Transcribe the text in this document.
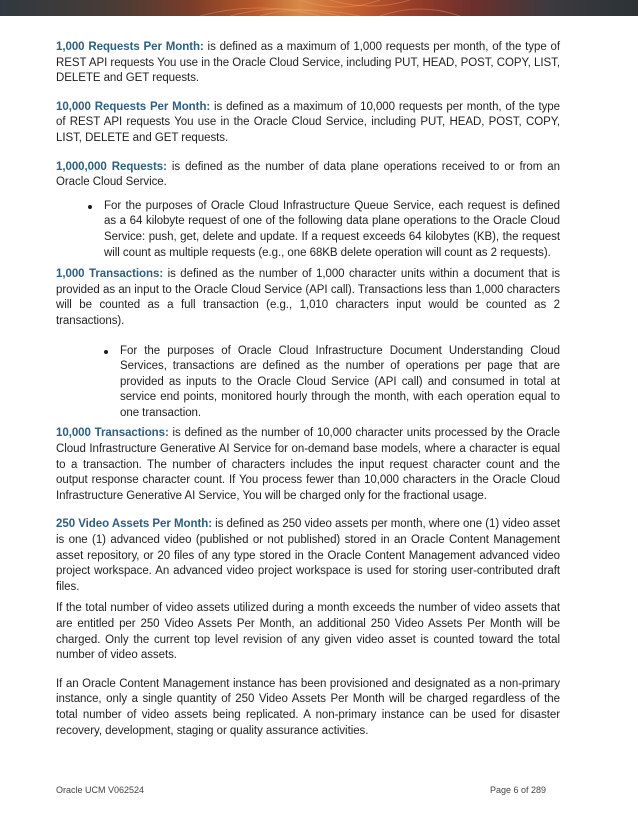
1,000 Requests Per Month: is defined as a maximum of 1,000 requests per month, of the type of REST API requests You use in the Oracle Cloud Service, including PUT, HEAD, POST, COPY, LIST, DELETE and GET requests.

10,000 Requests Per Month: is defined as a maximum of 10,000 requests per month, of the type of REST API requests You use in the Oracle Cloud Service, including PUT, HEAD, POST, COPY, LIST, DELETE and GET requests.

1,000,000 Requests: is defined as the number of data plane operations received to or from an Oracle Cloud Service.

For the purposes of Oracle Cloud Infrastructure Queue Service, each request is defined as a 64 kilobyte request of one of the following data plane operations to the Oracle Cloud Service: push, get, delete and update. If a request exceeds 64 kilobytes (KB), the request will count as multiple requests (e.g., one 68KB delete operation will count as 2 requests).

1,000 Transactions: is defined as the number of 1,000 character units within a document that is provided as an input to the Oracle Cloud Service (API call). Transactions less than 1,000 characters will be counted as a full transaction (e.g., 1,010 characters input would be counted as 2 transactions).

For the purposes of Oracle Cloud Infrastructure Document Understanding Cloud Services, transactions are defined as the number of operations per page that are provided as inputs to the Oracle Cloud Service (API call) and consumed in total at service end points, monitored hourly through the month, with each operation equal to one transaction.

10,000 Transactions: is defined as the number of 10,000 character units processed by the Oracle Cloud Infrastructure Generative AI Service for on-demand base models, where a character is equal to a transaction. The number of characters includes the input request character count and the output response character count. If You process fewer than 10,000 characters in the Oracle Cloud Infrastructure Generative AI Service, You will be charged only for the fractional usage.

250 Video Assets Per Month: is defined as 250 video assets per month, where one (1) video asset is one (1) advanced video (published or not published) stored in an Oracle Content Management asset repository, or 20 files of any type stored in the Oracle Content Management advanced video project workspace. An advanced video project workspace is used for storing user-contributed draft files.

If the total number of video assets utilized during a month exceeds the number of video assets that are entitled per 250 Video Assets Per Month, an additional 250 Video Assets Per Month will be charged. Only the current top level revision of any given video asset is counted toward the total number of video assets.

If an Oracle Content Management instance has been provisioned and designated as a non-primary instance, only a single quantity of 250 Video Assets Per Month will be charged regardless of the total number of video assets being replicated. A non-primary instance can be used for disaster recovery, development, staging or quality assurance activities.

Oracle UCM V062524	Page 6 of 289
